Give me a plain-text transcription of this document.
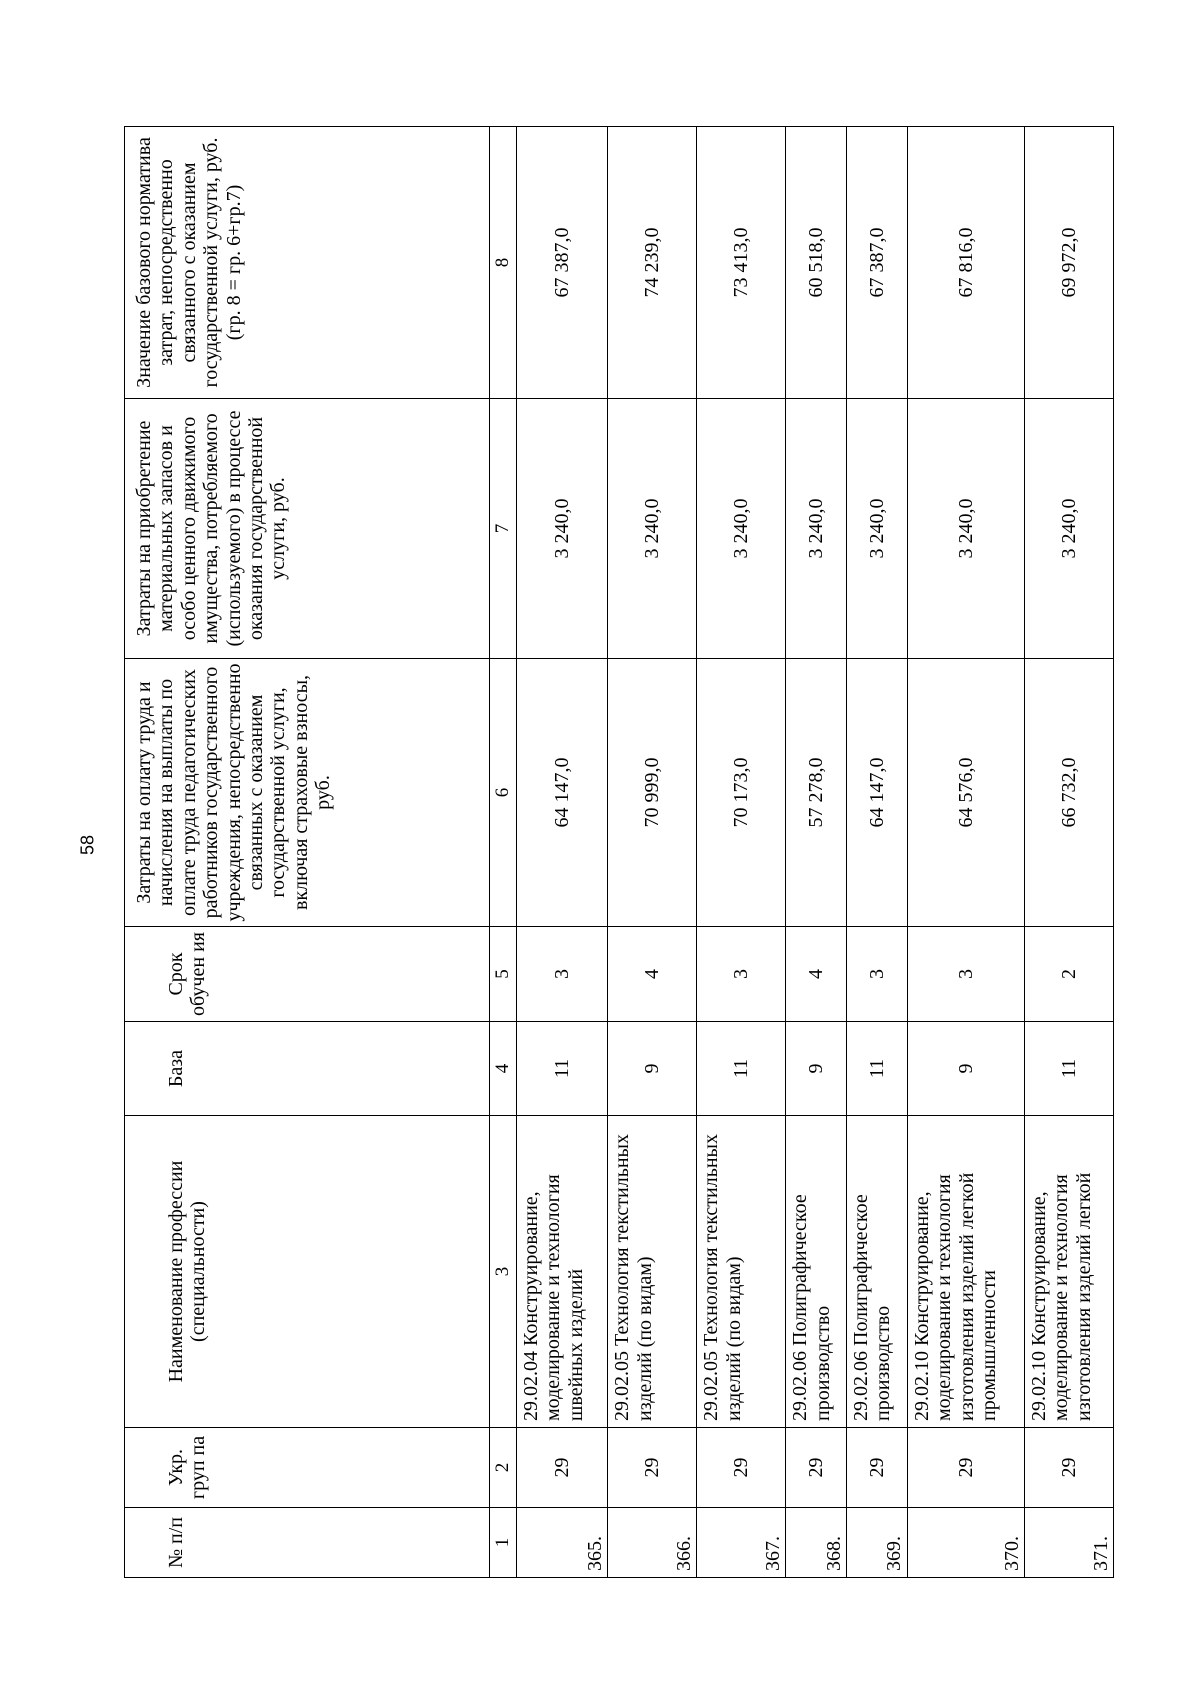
58
№ п/п	Укр. груп па	Наименование профессии (специальности)	База	Срок обучен ия	Затраты на оплату труда и начисления на выплаты по оплате труда педагогических работников государственного учреждения, непосредственно связанных с оказанием государственной услуги, включая страховые взносы, руб.	Затраты на приобретение материальных запасов и особо ценного движимого имущества, потребляемого (используемого) в процессе оказания государственной услуги, руб.	Значение базового норматива затрат, непосредственно связанного с оказанием государственной услуги, руб. (гр. 8 = гр. 6+гр.7)
1	2	3	4	5	6	7	8
365.	29	29.02.04 Конструирование, моделирование и технология швейных изделий	11	3	64 147,0	3 240,0	67 387,0
366.	29	29.02.05 Технология текстильных изделий (по видам)	9	4	70 999,0	3 240,0	74 239,0
367.	29	29.02.05 Технология текстильных изделий (по видам)	11	3	70 173,0	3 240,0	73 413,0
368.	29	29.02.06 Полиграфическое производство	9	4	57 278,0	3 240,0	60 518,0
369.	29	29.02.06 Полиграфическое производство	11	3	64 147,0	3 240,0	67 387,0
370.	29	29.02.10 Конструирование, моделирование и технология изготовления изделий легкой промышленности	9	3	64 576,0	3 240,0	67 816,0
371.	29	29.02.10 Конструирование, моделирование и технология изготовления изделий легкой	11	2	66 732,0	3 240,0	69 972,0
